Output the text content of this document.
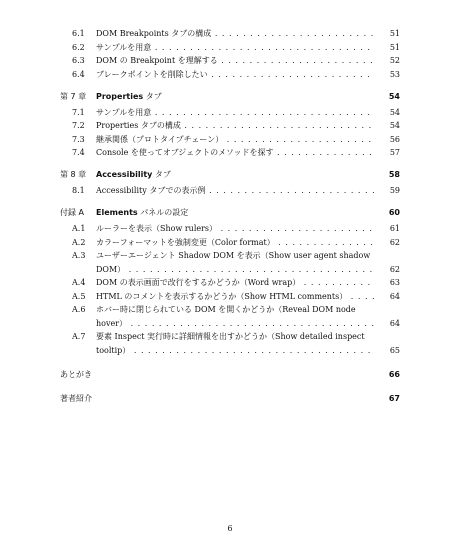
6.1	DOM Breakpoints タブの構成 . . .	51
6.2	サンプルを用意 . . .	51
6.3	DOM の Breakpoint を理解する . . .	52
6.4	ブレークポイントを削除したい . . .	53
第 7 章	Properties タブ	54
7.1	サンプルを用意 . . .	54
7.2	Properties タブの構成 . . .	54
7.3	継承関係（プロトタイプチェーン） . . .	56
7.4	Console を使ってオブジェクトのメソッドを探す . . .	57
第 8 章	Accessibility タブ	58
8.1	Accessibility タブでの表示例 . . .	59
付録 A	Elements パネルの設定	60
A.1	ルーラーを表示（Show rulers） . . .	61
A.2	カラーフォーマットを強制変更（Color format） . . .	62
A.3	ユーザーエージェント Shadow DOM を表示（Show user agent shadow
DOM） . . .	62
A.4	DOM の表示画面で改行をするかどうか（Word wrap） . . .	63
A.5	HTML のコメントを表示するかどうか（Show HTML comments） . . .	64
A.6	ホバー時に閉じられている DOM を開くかどうか（Reveal DOM node
hover） . . .	64
A.7	要素 Inspect 実行時に詳細情報を出すかどうか（Show detailed inspect
tooltip） . . .	65
あとがき	66
著者紹介	67
6
